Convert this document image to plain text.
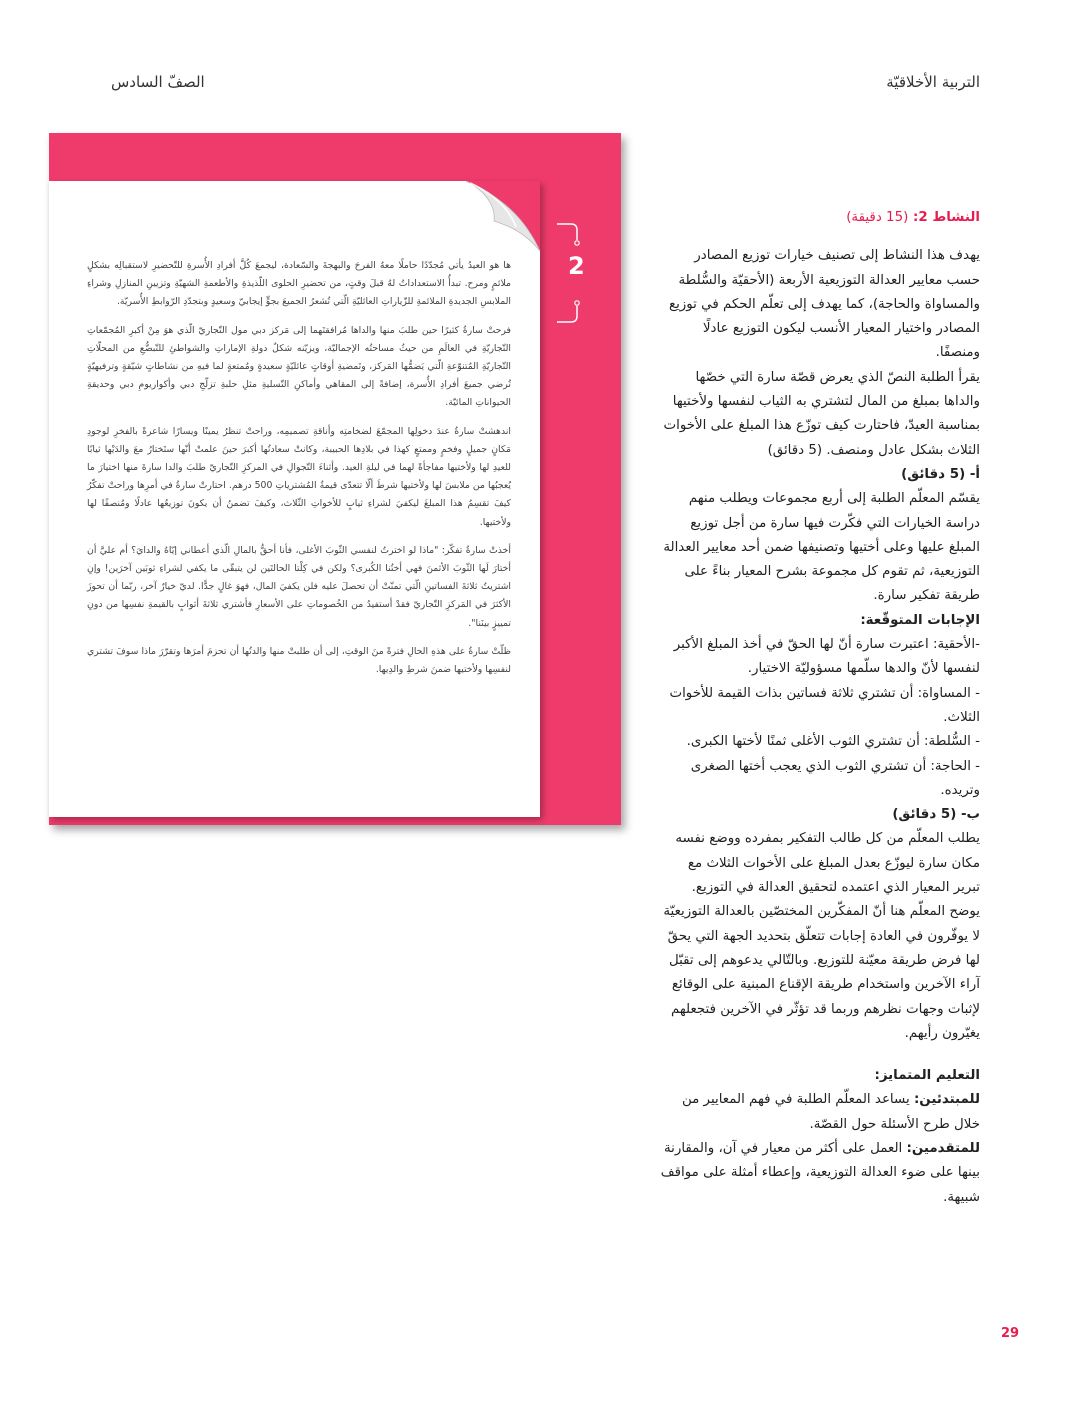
التربية الأخلاقيّة
الصفّ السادس
2

ها هو العيدُ يأتي مُجدّدًا حاملًا معهُ الفرحَ والبهجةَ والسّعادة، ليجمعَ كُلَّ أفرادِ الأُسرةِ للتّحضيرِ لاستقبالِه بشكلٍ ملائمٍ ومرح. تبدأُ الاستعداداتُ لهُ قبلَ وقتٍ، من تحضيرِ الحلوى اللّذيذةِ والأطعمةِ الشهيّةِ وتزيينِ المنازلِ وشراءِ الملابسِ الجديدةِ الملائمةِ للزّياراتِ العائليّةِ الّتي تُشعرُ الجميعَ بجوٍّ إيجابيّ وسعيدٍ وبتجدّدِ الرّوابطِ الأُسريّة.

فرحتْ سارةُ كثيرًا حين طلبَ منها والداها مُرافقتَهما إلى مَركز دبي مول التّجاريّ الّذي هوَ مِنْ أكبرِ المُجمّعاتِ التّجاريّةِ في العالَمِ من حيثُ مساحتُه الإجماليّة، ويزيّنه شكلٌ دولةِ الإماراتِ والشواطئِ للتّبضُّعِ من المحلّاتِ التّجاريّةِ المُتنوّعةِ الّتي يَضمُّها المَركز، وتَمضيةِ أوقاتٍ عائليّةٍ سعيدةٍ ومُمتعةٍ لما فيهِ من نشاطاتٍ شيّقةٍ وترفيهيّةٍ تُرضي جميعَ أفرادِ الأُسرة، إضافةً إلى المقاهي وأماكنِ التّسليةِ مثلِ حلبةِ تزلّجِ دبي وأكواريومِ دبي وحديقةِ الحيواناتِ المائيّة.

اندهشتْ سارةُ عندَ دخولِها المجمّعَ لضخامتِه وأناقةِ تصميمِه، وراحتْ تنظرُ يمينًا ويسارًا شاعرةً بالفخرِ لوجودِ مَكانٍ جميلٍ وفخمٍ وممتعٍ كهذا في بلادِها الحبيبة، وكانتْ سعادتُها أكبرَ حينَ علمتْ أنّها ستَختارُ معَ والدَيْها ثيابًا للعيدِ لها ولأختيها مفاجأةً لهما في ليلةِ العيد. وأثناءَ التّجوالِ في المركزِ التّجاريّ طلبَ والدا سارةَ منها اختيارَ ما يُعجبُها من ملابسَ لها ولأختيها شرطَ ألّا تتعدّى قيمةُ المُشترياتِ 500 درهم. احتارتْ سارةُ في أمرِها وراحتْ تفكّرُ كيفَ تقسِمُ هذا المبلغَ ليكفيَ لشراءِ ثيابٍ للأخواتِ الثّلاث، وكيفَ تضمنُ أن يكونَ توزيعُها عادلًا ومُنصفًا لها ولأختيها.

أخذتْ سارةُ تفكّر: "ماذا لو اخترتُ لنفسي الثّوبَ الأغلى، فأنا أحقُّ بالمالِ الّذي أعطاني إيّاهُ والدايَ؟ أم عليَّ أن أختارَ لَها الثّوبَ الأثمنَ فهي أختُنا الكُبرى؟ ولكن في كِلْتا الحالتَين لن يتبقّى ما يكفي لشراءِ ثوبَين آخرَين! وإنِ اشتريتُ ثلاثةَ الفساتينِ الّتي تمنّتْ أن تحصلَ عليه فلن يكفيَ المال، فهوَ غالٍ جدًّا. لديّ خيارٌ آخر، ربّما أن تحوزَ الأكثرَ في المَركزِ التّجاريّ فقدْ أستفيدُ من الخُصوماتِ على الأسعارِ فأشتري ثلاثةَ أثوابٍ بالقيمةِ نفسِها من دونِ تمييزٍ بينَنا".

ظلّتْ سارةُ على هذهِ الحالِ فترةً منَ الوقتِ، إلى أن طلبتْ منها والدتُها أن تحزمَ أمرَها وتقرّرَ ماذا سوفَ تشتري لنفسِها ولأختيها ضمنَ شرطِ والدِيها.

النشاط 2: (15 دقيقة)

يهدف هذا النشاط إلى تصنيف خيارات توزيع المصادر حسب معايير العدالة التوزيعية الأربعة (الأحقيّة والسُّلطة والمساواة والحاجة)، كما يهدف إلى تعلّم الحكم في توزيع المصادر واختيار المعيار الأنسب ليكون التوزيع عادلًا ومنصفًا.

يقرأ الطلبة النصّ الذي يعرض قصّة سارة التي خصّها والداها بمبلغ من المال لتشتري به الثياب لنفسها ولأختيها بمناسبة العيدّ، فاحتارت كيف توزّع هذا المبلغ على الأخوات الثلاث بشكل عادل ومنصف. (5 دقائق)

أ- (5 دقائق)

يقسّم المعلّم الطلبة إلى أربع مجموعات ويطلب منهم دراسة الخيارات التي فكّرت فيها سارة من أجل توزيع المبلغ عليها وعلى أختيها وتصنيفها ضمن أحد معايير العدالة التوزيعية، ثم تقوم كل مجموعة بشرح المعيار بناءً على طريقة تفكير سارة.

الإجابات المتوقّعة:

-الأحقية: اعتبرت سارة أنّ لها الحقّ في أخذ المبلغ الأكبر لنفسها لأنّ والدها سلّمها مسؤوليّة الاختيار.

- المساواة: أن تشتري ثلاثة فساتين بذات القيمة للأخوات الثلاث.

- السُّلطة: أن تشتري الثوب الأغلى ثمنًا لأختها الكبرى.

- الحاجة: أن تشتري الثوب الذي يعجب أختها الصغرى وتريده.

ب- (5 دقائق)

يطلب المعلّم من كل طالب التفكير بمفرده ووضع نفسه مكان سارة ليوزّع بعدل المبلغ على الأخوات الثلاث مع تبرير المعيار الذي اعتمده لتحقيق العدالة في التوزيع.

يوضح المعلّم هنا أنّ المفكّرين المختصّين بالعدالة التوزيعيّة لا يوفّرون في العادة إجابات تتعلّق بتحديد الجهة التي يحقّ لها فرض طريقة معيّنة للتوزيع. وبالتّالي يدعوهم إلى تقبّل آراء الآخرين واستخدام طريقة الإقناع المبنية على الوقائع لإثبات وجهات نظرهم وربما قد تؤثّر في الآخرين فتجعلهم يغيّرون رأيهم.

التعليم المتمايز:

للمبتدئين: يساعد المعلّم الطلبة في فهم المعايير من خلال طرح الأسئلة حول القصّة.

للمتقدمين: العمل على أكثر من معيار في آن، والمقارنة بينها على ضوء العدالة التوزيعية، وإعطاء أمثلة على مواقف شبيهة.

29
